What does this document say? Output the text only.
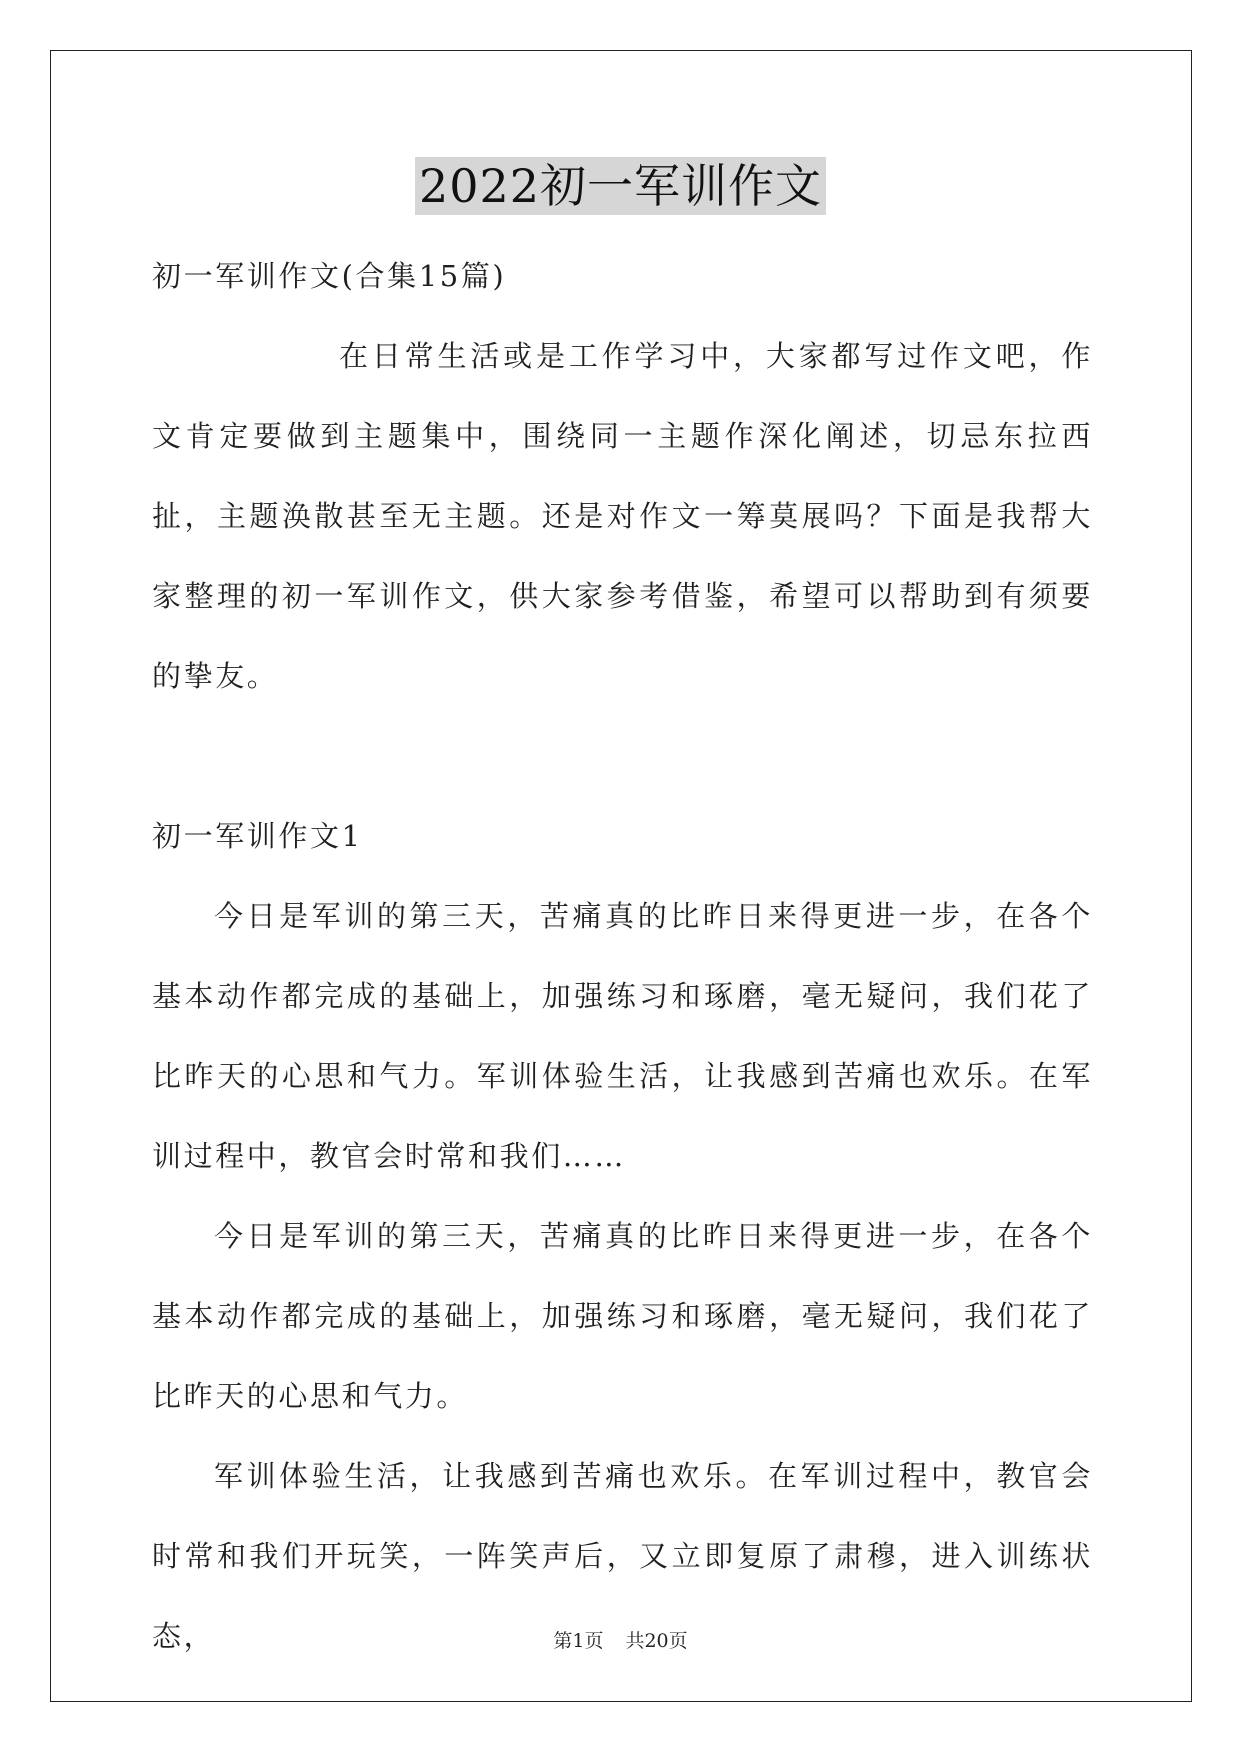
2022初一军训作文

初一军训作文(合集15篇)

在日常生活或是工作学习中，大家都写过作文吧，作文肯定要做到主题集中，围绕同一主题作深化阐述，切忌东拉西扯，主题涣散甚至无主题。还是对作文一筹莫展吗？下面是我帮大家整理的初一军训作文，供大家参考借鉴，希望可以帮助到有须要的挚友。

初一军训作文1

今日是军训的第三天，苦痛真的比昨日来得更进一步，在各个基本动作都完成的基础上，加强练习和琢磨，毫无疑问，我们花了比昨天的心思和气力。军训体验生活，让我感到苦痛也欢乐。在军训过程中，教官会时常和我们……

今日是军训的第三天，苦痛真的比昨日来得更进一步，在各个基本动作都完成的基础上，加强练习和琢磨，毫无疑问，我们花了比昨天的心思和气力。

军训体验生活，让我感到苦痛也欢乐。在军训过程中，教官会时常和我们开玩笑，一阵笑声后，又立即复原了肃穆，进入训练状态，	第1页 共20页
